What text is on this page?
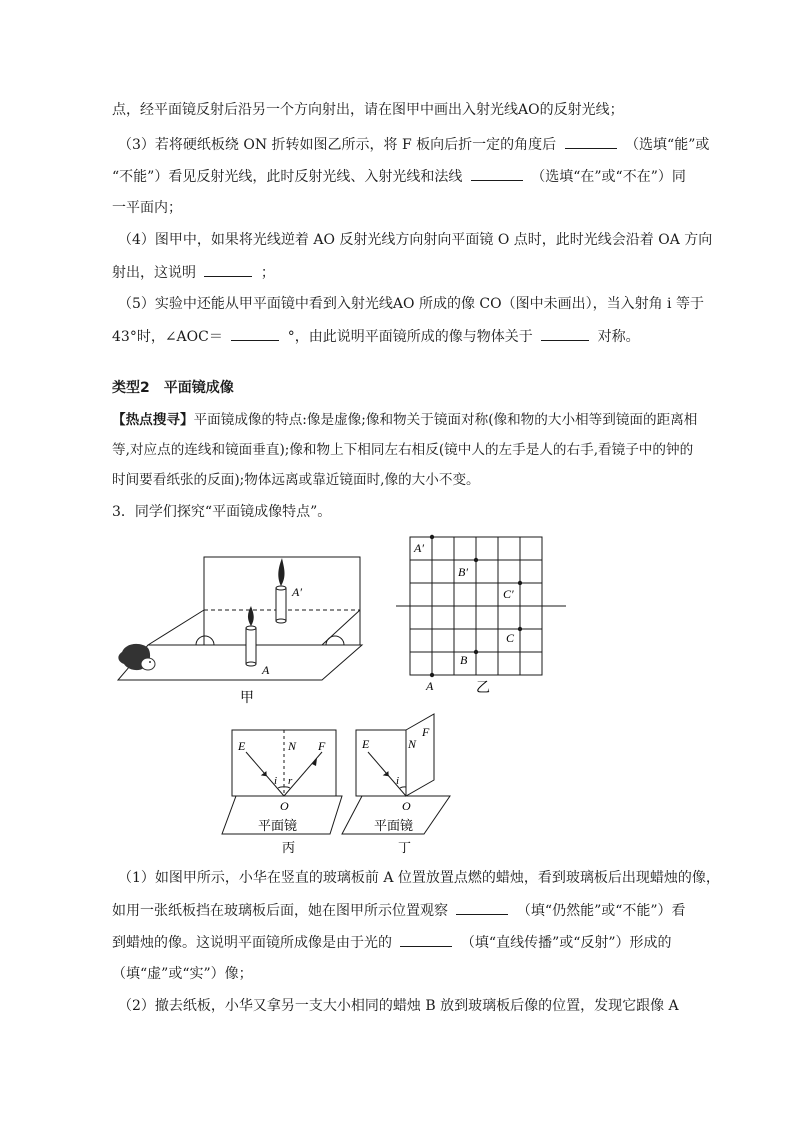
点，经平面镜反射后沿另一个方向射出，请在图甲中画出入射光线AO的反射光线；
（3）若将硬纸板绕 ON 折转如图乙所示，将 F 板向后折一定的角度后	（选填“能”或
“不能”）看见反射光线，此时反射光线、入射光线和法线	（选填“在”或“不在”）同
一平面内；
（4）图甲中，如果将光线逆着 AO 反射光线方向射向平面镜 O 点时，此时光线会沿着 OA 方向
射出，这说明	；
（5）实验中还能从甲平面镜中看到入射光线AO 所成的像 CO（图中未画出），当入射角 i 等于
43°时，∠AOC＝	°，由此说明平面镜所成的像与物体关于	对称。
类型2　平面镜成像
【热点搜寻】平面镜成像的特点:像是虚像;像和物关于镜面对称(像和物的大小相等到镜面的距离相
等,对应点的连线和镜面垂直);像和物上下相同左右相反(镜中人的左手是人的右手,看镜子中的钟的
时间要看纸张的反面);物体远离或靠近镜面时,像的大小不变。
3．同学们探究“平面镜成像特点”。
A′
A
甲
A′
B′
C′
C
B
A	乙
E	N F
i r
O
平面镜
丙
E	N
F
i
O
平面镜
丁
（1）如图甲所示，小华在竖直的玻璃板前 A 位置放置点燃的蜡烛，看到玻璃板后出现蜡烛的像，
如用一张纸板挡在玻璃板后面，她在图甲所示位置观察	（填“仍然能”或“不能”）看
到蜡烛的像。这说明平面镜所成像是由于光的	（填“直线传播”或“反射”）形成的
（填“虚”或“实”）像；
（2）撤去纸板，小华又拿另一支大小相同的蜡烛 B 放到玻璃板后像的位置，发现它跟像 A
